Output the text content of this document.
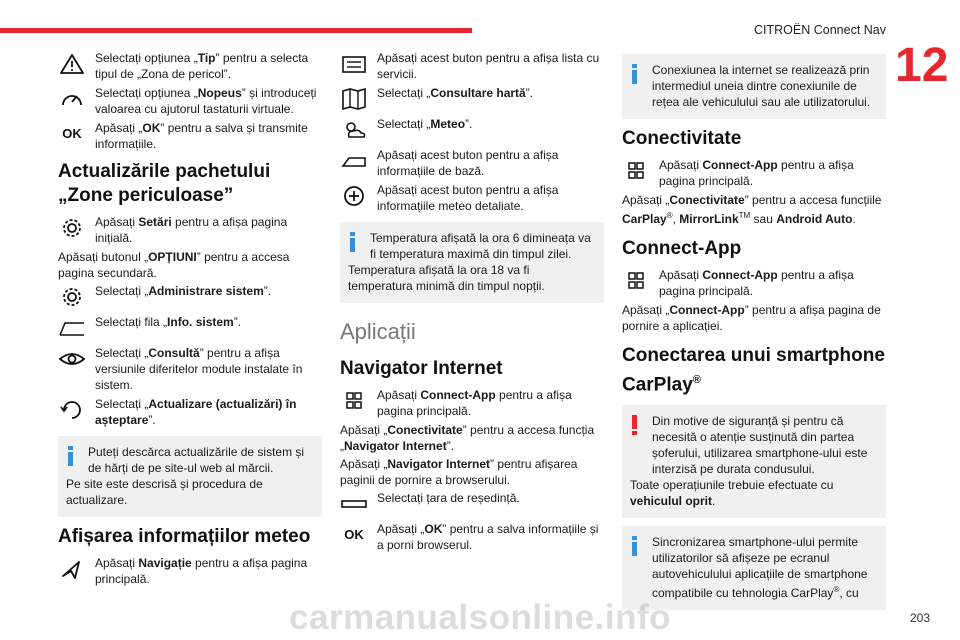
CITROËN Connect Nav
12
Selectați opțiunea „Tip” pentru a selecta tipul de „Zona de pericol”.
Selectați opțiunea „Nopeus” și introduceți valoarea cu ajutorul tastaturii virtuale.
OK	Apăsați „OK” pentru a salva și transmite informațiile.
Actualizările pachetului „Zone periculoase”
Apăsați Setări pentru a afișa pagina inițială.

Apăsați butonul „OPȚIUNI” pentru a accesa pagina secundară.

Selectați „Administrare sistem”.
Selectați fila „Info. sistem”.
Selectați „Consultă” pentru a afișa versiunile diferitelor module instalate în sistem.
Selectați „Actualizare (actualizări) în așteptare”.
Puteți descărca actualizările de sistem și de hărți de pe site-ul web al mărcii.
Pe site este descrisă și procedura de actualizare.
Afișarea informațiilor meteo
Apăsați Navigație pentru a afișa pagina principală.
Apăsați acest buton pentru a afișa lista cu servicii.
Selectați „Consultare hartă”.
Selectați „Meteo”.
Apăsați acest buton pentru a afișa informațiile de bază.
Apăsați acest buton pentru a afișa informațiile meteo detaliate.
Temperatura afișată la ora 6 dimineața va fi temperatura maximă din timpul zilei.
Temperatura afișată la ora 18 va fi temperatura minimă din timpul nopții.
Aplicații
Navigator Internet
Apăsați Connect-App pentru a afișa pagina principală.

Apăsați „Conectivitate” pentru a accesa funcția „Navigator Internet”.

Apăsați „Navigator Internet” pentru afișarea paginii de pornire a browserului.

Selectați țara de reședință.
OK	Apăsați „OK” pentru a salva informațiile și a porni browserul.
Conexiunea la internet se realizează prin intermediul uneia dintre conexiunile de rețea ale vehiculului sau ale utilizatorului.
Conectivitate
Apăsați Connect-App pentru a afișa pagina principală.

Apăsați „Conectivitate” pentru a accesa funcțiile CarPlay®, MirrorLink™ sau Android Auto.

Connect-App
Apăsați Connect-App pentru a afișa pagina principală.

Apăsați „Connect-App” pentru a afișa pagina de pornire a aplicației.

Conectarea unui smartphone CarPlay®
Din motive de siguranță și pentru că necesită o atenție susținută din partea șoferului, utilizarea smartphone-ului este interzisă pe durata condusului.
Toate operațiunile trebuie efectuate cu vehiculul oprit.
Sincronizarea smartphone-ului permite utilizatorilor să afișeze pe ecranul autovehiculului aplicațiile de smartphone compatibile cu tehnologia CarPlay®, cu
carmanualsonline.info	203
